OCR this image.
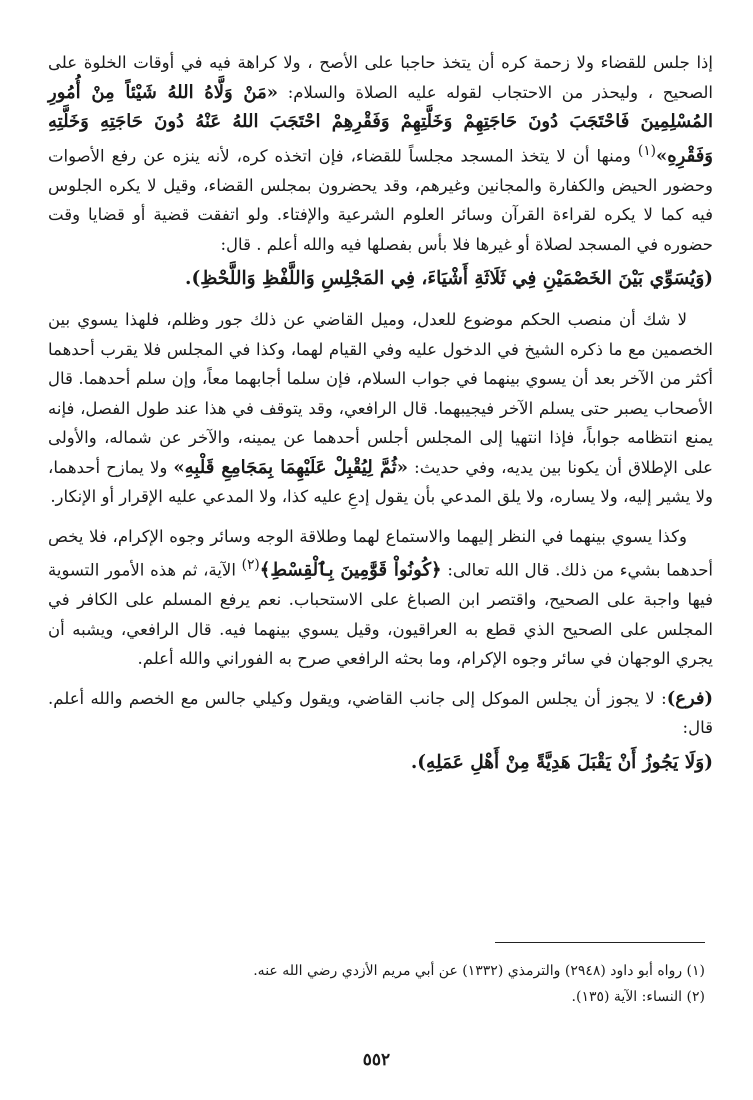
إذا جلس للقضاء ولا زحمة كره أن يتخذ حاجبا على الأصح ، ولا كراهة فيه في أوقات الخلوة على الصحيح ، وليحذر من الاحتجاب لقوله عليه الصلاة والسلام: «مَنْ وَلَّاهُ اللهُ شَيْئاً مِنْ أُمُورِ المُسْلِمِينَ فَاحْتَجَبَ دُونَ حَاجَتِهِمْ وَخَلَّتِهِمْ وَفَقْرِهِمْ احْتَجَبَ اللهُ عَنْهُ دُونَ حَاجَتِهِ وَخَلَّتِهِ وَفَقْرِهِ»$^{(١)}$ ومنها أن لا يتخذ المسجد مجلساً للقضاء، فإن اتخذه كره، لأنه ينزه عن رفع الأصوات وحضور الحيض والكفارة والمجانين وغيرهم، وقد يحضرون بمجلس القضاء، وقيل لا يكره الجلوس فيه كما لا يكره لقراءة القرآن وسائر العلوم الشرعية والإفتاء. ولو اتفقت قضية أو قضايا وقت حضوره في المسجد لصلاة أو غيرها فلا بأس بفصلها فيه والله أعلم . قال:

(وَيُسَوِّي بَيْنَ الخَصْمَيْنِ فِي ثَلَاثَةِ أَشْيَاءَ، فِي المَجْلِسِ وَاللَّفْظِ وَاللَّحْظِ).

لا شك أن منصب الحكم موضوع للعدل، وميل القاضي عن ذلك جور وظلم، فلهذا يسوي بين الخصمين مع ما ذكره الشيخ في الدخول عليه وفي القيام لهما، وكذا في المجلس فلا يقرب أحدهما أكثر من الآخر بعد أن يسوي بينهما في جواب السلام، فإن سلما أجابهما معاً، وإن سلم أحدهما. قال الأصحاب يصبر حتى يسلم الآخر فيجيبهما. قال الرافعي، وقد يتوقف في هذا عند طول الفصل، فإنه يمنع انتظامه جواباً، فإذا انتهيا إلى المجلس أجلس أحدهما عن يمينه، والآخر عن شماله، والأولى على الإطلاق أن يكونا بين يديه، وفي حديث: «ثُمَّ لِيُقْبِلْ عَلَيْهِمَا بِمَجَامِعِ قَلْبِهِ» ولا يمازح أحدهما، ولا يشير إليه، ولا يساره، ولا يلق المدعي بأن يقول إدعِ عليه كذا، ولا المدعي عليه الإقرار أو الإنكار.

وكذا يسوي بينهما في النظر إليهما والاستماع لهما وطلاقة الوجه وسائر وجوه الإكرام، فلا يخص أحدهما بشيء من ذلك. قال الله تعالى: ﴿كُونُواْ قَوَّٰمِينَ بِٱلْقِسْطِ﴾$^{(٢)}$ الآية، ثم هذه الأمور التسوية فيها واجبة على الصحيح، واقتصر ابن الصباغ على الاستحباب. نعم يرفع المسلم على الكافر في المجلس على الصحيح الذي قطع به العراقيون، وقيل يسوي بينهما فيه. قال الرافعي، ويشبه أن يجري الوجهان في سائر وجوه الإكرام، وما بحثه الرافعي صرح به الفوراني والله أعلم.

(فرع): لا يجوز أن يجلس الموكل إلى جانب القاضي، ويقول وكيلي جالس مع الخصم والله أعلم. قال:

(وَلَا يَجُوزُ أَنْ يَقْبَلَ هَدِيَّةً مِنْ أَهْلِ عَمَلِهِ).

(١) رواه أبو داود (٢٩٤٨) والترمذي (١٣٣٢) عن أبي مريم الأزدي رضي الله عنه.

(٢) النساء: الآية (١٣٥).

٥٥٢
